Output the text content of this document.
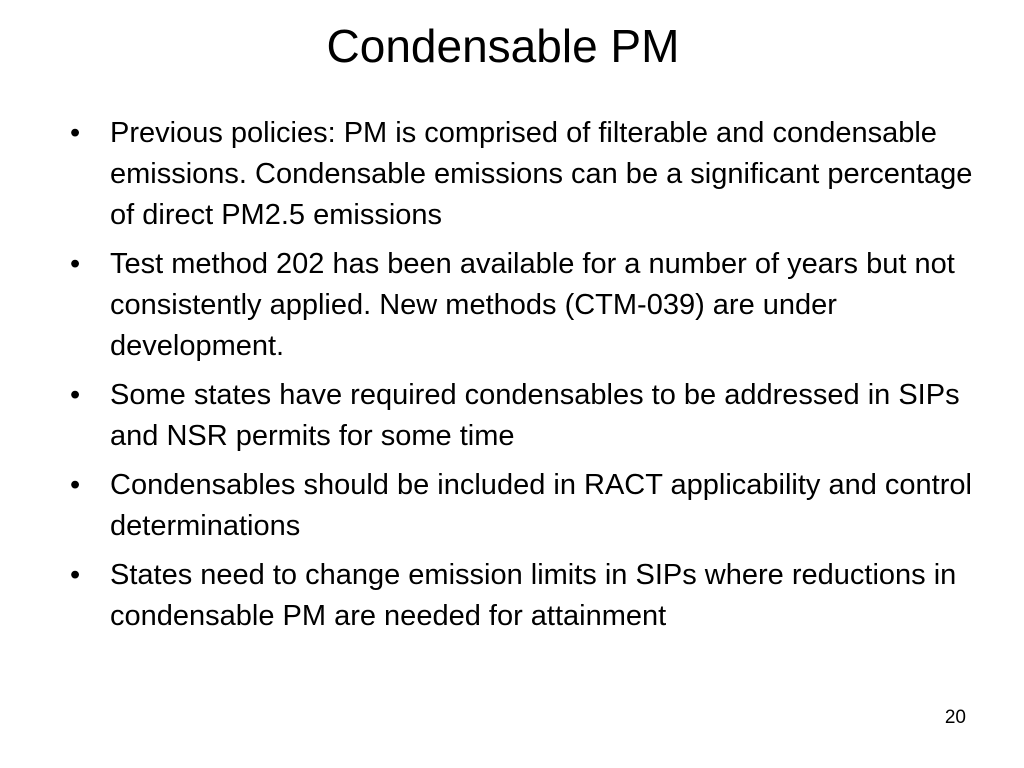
Condensable PM
•	Previous policies: PM is comprised of filterable and condensable emissions. Condensable emissions can be a significant percentage of direct PM2.5 emissions
•	Test method 202 has been available for a number of years but not consistently applied. New methods (CTM-039) are under development.
•	Some states have required condensables to be addressed in SIPs and NSR permits for some time
•	Condensables should be included in RACT applicability and control determinations
•	States need to change emission limits in SIPs where reductions in condensable PM are needed for attainment
20
